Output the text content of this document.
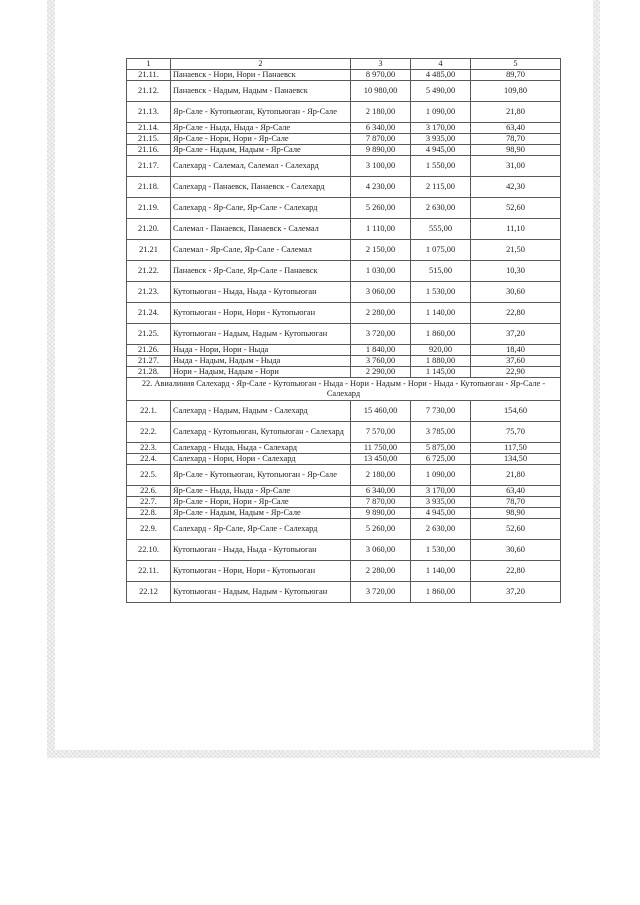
1	2	3	4	5
21.11.	Панаевск - Нори, Нори - Панаевск	8 970,00	4 485,00	89,70
21.12.	Панаевск - Надым, Надым - Панаевск	10 980,00	5 490,00	109,80
21.13.	Яр-Сале - Кутопьюган, Кутопьюган - Яр-Сале	2 180,00	1 090,00	21,80
21.14.	Яр-Сале - Ныда, Ныда - Яр-Сале	6 340,00	3 170,00	63,40
21.15.	Яр-Сале - Нори, Нори - Яр-Сале	7 870,00	3 935,00	78,70
21.16.	Яр-Сале - Надым, Надым - Яр-Сале	9 890,00	4 945,00	98,90
21.17.	Салехард - Салемал, Салемал - Салехард	3 100,00	1 550,00	31,00
21.18.	Салехард - Панаевск, Панаевск - Салехард	4 230,00	2 115,00	42,30
21.19.	Салехард - Яр-Сале, Яр-Сале - Салехард	5 260,00	2 630,00	52,60
21.20.	Салемал - Панаевск, Панаевск - Салемал	1 110,00	555,00	11,10
21.21	Салемал - Яр-Сале, Яр-Сале - Салемал	2 150,00	1 075,00	21,50
21.22.	Панаевск - Яр-Сале, Яр-Сале - Панаевск	1 030,00	515,00	10,30
21.23.	Кутопьюган - Ныда, Ныда - Кутопьюган	3 060,00	1 530,00	30,60
21.24.	Кутопьюган - Нори, Нори - Кутопьюган	2 280,00	1 140,00	22,80
21.25.	Кутопьюган - Надым, Надым - Кутопьюган	3 720,00	1 860,00	37,20
21.26.	Ныда - Нори, Нори - Ныда	1 840,00	920,00	18,40
21.27.	Ныда - Надым, Надым - Ныда	3 760,00	1 880,00	37,60
21.28.	Нори - Надым, Надым - Нори	2 290,00	1 145,00	22,90
22. Авиалиния Салехард - Яр-Сале - Кутопьюган - Ныда - Нори - Надым - Нори - Ныда - Кутопьюган - Яр-Сале - Салехард				
22.1.	Салехард - Надым, Надым - Салехард	15 460,00	7 730,00	154,60
22.2.	Салехард - Кутопьюган, Кутопьюган - Салехард	7 570,00	3 785,00	75,70
22.3.	Салехард - Ныда, Ныда - Салехард	11 750,00	5 875,00	117,50
22.4.	Салехард - Нори, Нори - Салехард	13 450,00	6 725,00	134,50
22.5.	Яр-Сале - Кутопьюган, Кутопьюган - Яр-Сале	2 180,00	1 090,00	21,80
22.6.	Яр-Сале - Ныда, Ныда - Яр-Сале	6 340,00	3 170,00	63,40
22.7.	Яр-Сале - Нори, Нори - Яр-Сале	7 870,00	3 935,00	78,70
22.8.	Яр-Сале - Надым, Надым - Яр-Сале	9 890,00	4 945,00	98,90
22.9.	Салехард - Яр-Сале, Яр-Сале - Салехард	5 260,00	2 630,00	52,60
22.10.	Кутопьюган - Ныда, Ныда - Кутопьюган	3 060,00	1 530,00	30,60
22.11.	Кутопьюган - Нори, Нори - Кутопьюган	2 280,00	1 140,00	22,80
22.12	Кутопьюган - Надым, Надым - Кутопьюган	3 720,00	1 860,00	37,20
